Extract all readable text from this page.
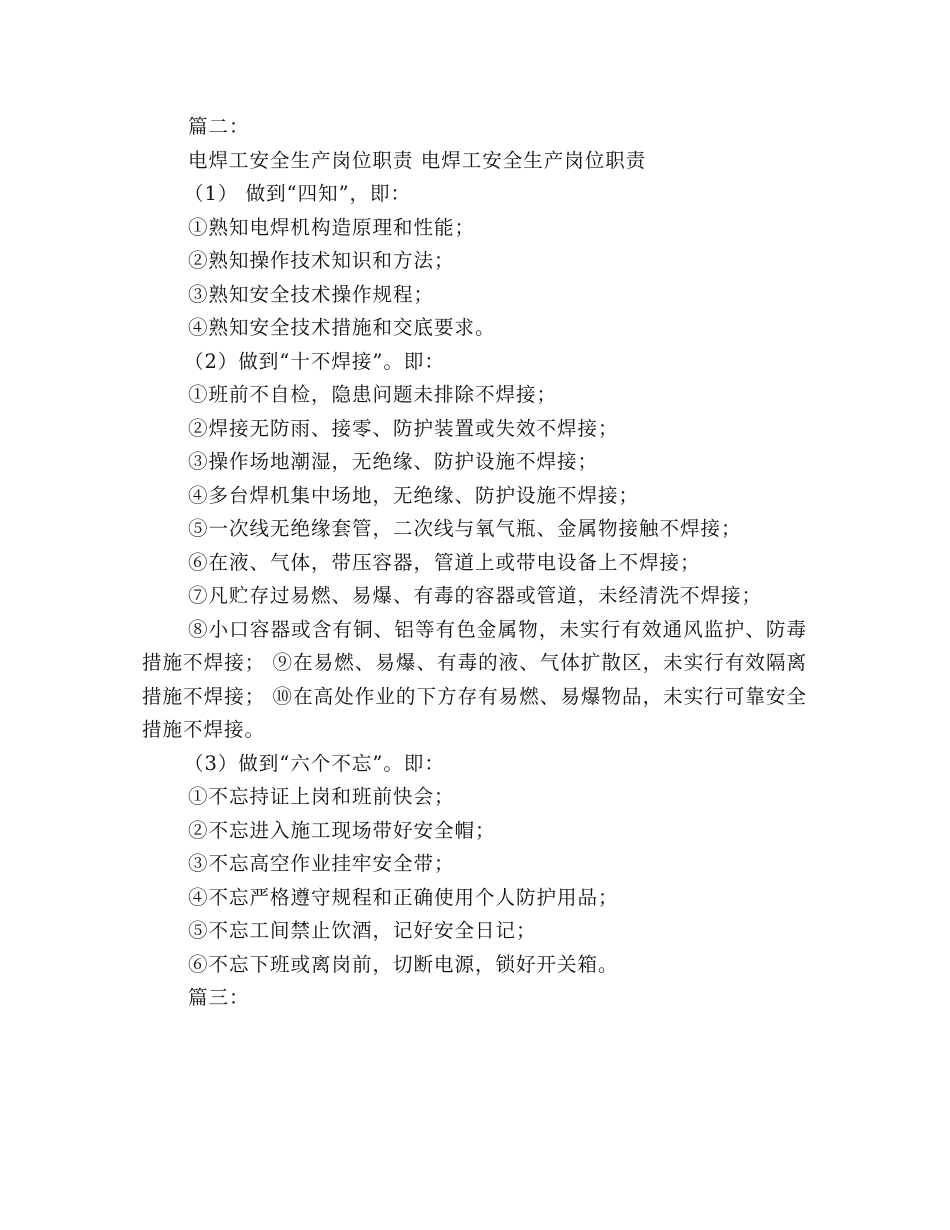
篇二：
电焊工安全生产岗位职责 电焊工安全生产岗位职责
（1） 做到“四知”，即：
①熟知电焊机构造原理和性能；
②熟知操作技术知识和方法；
③熟知安全技术操作规程；
④熟知安全技术措施和交底要求。
（2）做到“十不焊接”。即：
①班前不自检，隐患问题未排除不焊接；
②焊接无防雨、接零、防护装置或失效不焊接；
③操作场地潮湿，无绝缘、防护设施不焊接；
④多台焊机集中场地，无绝缘、防护设施不焊接；
⑤一次线无绝缘套管，二次线与氧气瓶、金属物接触不焊接；
⑥在液、气体，带压容器，管道上或带电设备上不焊接；
⑦凡贮存过易燃、易爆、有毒的容器或管道，未经清洗不焊接；

⑧小口容器或含有铜、铝等有色金属物，未实行有效通风监护、防毒措施不焊接； ⑨在易燃、易爆、有毒的液、气体扩散区，未实行有效隔离措施不焊接； ⑩在高处作业的下方存有易燃、易爆物品，未实行可靠安全措施不焊接。

（3）做到“六个不忘”。即：
①不忘持证上岗和班前快会；
②不忘进入施工现场带好安全帽；
③不忘高空作业挂牢安全带；
④不忘严格遵守规程和正确使用个人防护用品；
⑤不忘工间禁止饮酒，记好安全日记；
⑥不忘下班或离岗前，切断电源，锁好开关箱。
篇三：
